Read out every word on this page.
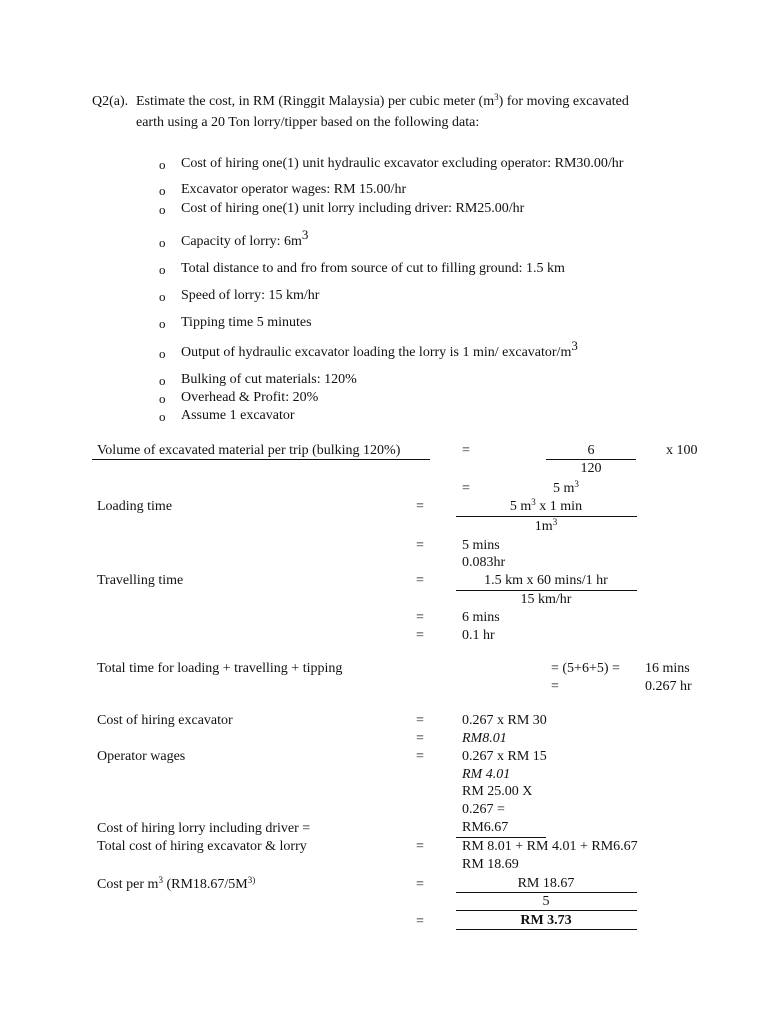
Q2(a). Estimate the cost, in RM (Ringgit Malaysia) per cubic meter $(m^3)$ for moving excavated
earth using a 20 Ton lorry/tipper based on the following data:
o Cost of hiring one(1) unit hydraulic excavator excluding operator: RM30.00/hr
o Excavator operator wages: RM 15.00/hr
o Cost of hiring one(1) unit lorry including driver: RM25.00/hr
o Capacity of lorry: $6m^3$
o Total distance to and fro from source of cut to filling ground: 1.5 km
o Speed of lorry: 15 km/hr
o Tipping time 5 minutes
o Output of hydraulic excavator loading the lorry is 1 min/ excavator/$m^3$
o Bulking of cut materials: 120%
o Overhead & Profit: 20%
o Assume 1 excavator
Volume of excavated material per trip (bulking 120%)	=	6
120
x 100
=	5 $m^3$
Loading time	=	5 $m^3$ x 1 min
$1m^3$
=	5 mins
0.083hr
Travelling time	=	1.5 km x 60 mins/1 hr
15 km/hr
=	6 mins
=	0.1 hr
Total time for loading + travelling + tipping	= (5+6+5) = 16 mins
=	0.267 hr
Cost of hiring excavator	=	0.267 x RM 30
=	RM8.01
Operator wages	=	0.267 x RM 15
RM 4.01
RM 25.00 X
0.267 =
Cost of hiring lorry including driver =	RM6.67
Total cost of hiring excavator & lorry	=	RM 8.01 + RM 4.01 + RM6.67
RM 18.69
Cost per $m^3$ ($RM18.67/5M^{3)}$	=	RM 18.67
5
=	RM 3.73
